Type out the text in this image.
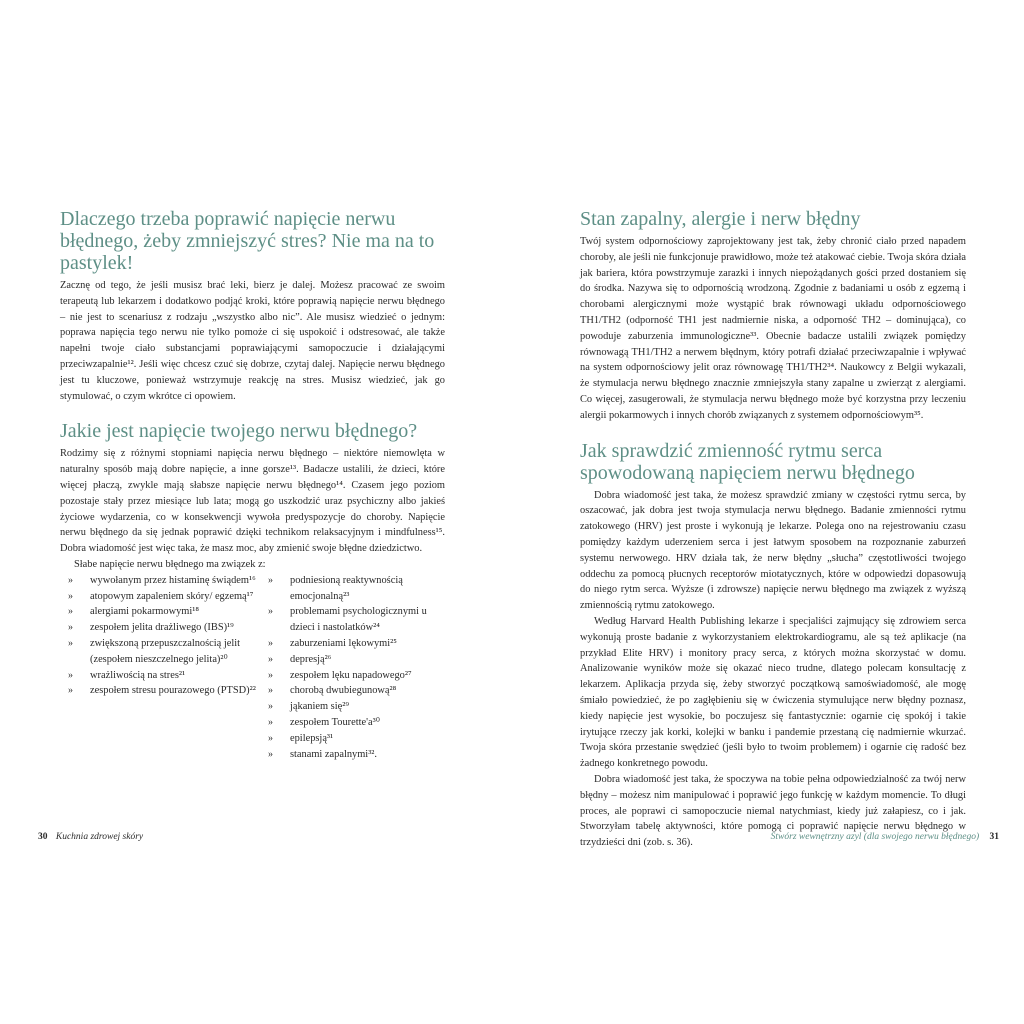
Dlaczego trzeba poprawić napięcie nerwu błędnego, żeby zmniejszyć stres? Nie ma na to pastylek!

Zacznę od tego, że jeśli musisz brać leki, bierz je dalej. Możesz pracować ze swoim terapeutą lub lekarzem i dodatkowo podjąć kroki, które poprawią napięcie nerwu błędnego – nie jest to scenariusz z rodzaju „wszystko albo nic”. Ale musisz wiedzieć o jednym: poprawa napięcia tego nerwu nie tylko pomoże ci się uspokoić i odstresować, ale także napełni twoje ciało substancjami poprawiającymi samopoczucie i działającymi przeciwzapalnie¹². Jeśli więc chcesz czuć się dobrze, czytaj dalej. Napięcie nerwu błędnego jest tu kluczowe, ponieważ wstrzymuje reakcję na stres. Musisz wiedzieć, jak go stymulować, o czym wkrótce ci opowiem.

Jakie jest napięcie twojego nerwu błędnego?

Rodzimy się z różnymi stopniami napięcia nerwu błędnego – niektóre niemowlęta w naturalny sposób mają dobre napięcie, a inne gorsze¹³. Badacze ustalili, że dzieci, które więcej płaczą, zwykle mają słabsze napięcie nerwu błędnego¹⁴. Czasem jego poziom pozostaje stały przez miesiące lub lata; mogą go uszkodzić uraz psychiczny albo jakieś życiowe wydarzenia, co w konsekwencji wywoła predyspozycje do choroby. Napięcie nerwu błędnego da się jednak poprawić dzięki technikom relaksacyjnym i mindfulness¹⁵. Dobra wiadomość jest więc taka, że masz moc, aby zmienić swoje błędne dziedzictwo.

Słabe napięcie nerwu błędnego ma związek z:

» wywołanym przez histaminę świądem¹⁶
» atopowym zapaleniem skóry/ egzemą¹⁷
» alergiami pokarmowymi¹⁸
» zespołem jelita drażliwego (IBS)¹⁹
» zwiększoną przepuszczalnością jelit (zespołem nieszczelnego jelita)²⁰
» wrażliwością na stres²¹
» zespołem stresu pourazowego (PTSD)²²
» podniesioną reaktywnością emocjonalną²³
» problemami psychologicznymi u dzieci i nastolatków²⁴
» zaburzeniami lękowymi²⁵
» depresją²⁶
» zespołem lęku napadowego²⁷
» chorobą dwubiegunową²⁸
» jąkaniem się²⁹
» zespołem Tourette'a³⁰
» epilepsją³¹
» stanami zapalnymi³².
30 Kuchnia zdrowej skóry
Stan zapalny, alergie i nerw błędny

Twój system odpornościowy zaprojektowany jest tak, żeby chronić ciało przed napadem choroby, ale jeśli nie funkcjonuje prawidłowo, może też atakować ciebie. Twoja skóra działa jak bariera, która powstrzymuje zarazki i innych niepożądanych gości przed dostaniem się do środka. Nazywa się to odpornością wrodzoną. Zgodnie z badaniami u osób z egzemą i chorobami alergicznymi może wystąpić brak równowagi układu odpornościowego TH1/TH2 (odporność TH1 jest nadmiernie niska, a odporność TH2 – dominująca), co powoduje zaburzenia immunologiczne³³. Obecnie badacze ustalili związek pomiędzy równowagą TH1/TH2 a nerwem błędnym, który potrafi działać przeciwzapalnie i wpływać na system odpornościowy jelit oraz równowagę TH1/TH2³⁴. Naukowcy z Belgii wykazali, że stymulacja nerwu błędnego znacznie zmniejszyła stany zapalne u zwierząt z alergiami. Co więcej, zasugerowali, że stymulacja nerwu błędnego może być korzystna przy leczeniu alergii pokarmowych i innych chorób związanych z systemem odpornościowym³⁵.

Jak sprawdzić zmienność rytmu serca spowodowaną napięciem nerwu błędnego

Dobra wiadomość jest taka, że możesz sprawdzić zmiany w częstości rytmu serca, by oszacować, jak dobra jest twoja stymulacja nerwu błędnego. Badanie zmienności rytmu zatokowego (HRV) jest proste i wykonują je lekarze. Polega ono na rejestrowaniu czasu pomiędzy każdym uderzeniem serca i jest łatwym sposobem na rozpoznanie zaburzeń systemu nerwowego. HRV działa tak, że nerw błędny „słucha” częstotliwości twojego oddechu za pomocą płucnych receptorów miotatycznych, które w odpowiedzi dopasowują do niego rytm serca. Wyższe (i zdrowsze) napięcie nerwu błędnego ma związek z wyższą zmiennością rytmu zatokowego.

Według Harvard Health Publishing lekarze i specjaliści zajmujący się zdrowiem serca wykonują proste badanie z wykorzystaniem elektrokardiogramu, ale są też aplikacje (na przykład Elite HRV) i monitory pracy serca, z których można skorzystać w domu. Analizowanie wyników może się okazać nieco trudne, dlatego polecam konsultację z lekarzem. Aplikacja przyda się, żeby stworzyć początkową samoświadomość, ale mogę śmiało powiedzieć, że po zagłębieniu się w ćwiczenia stymulujące nerw błędny poznasz, kiedy napięcie jest wysokie, bo poczujesz się fantastycznie: ogarnie cię spokój i takie irytujące rzeczy jak korki, kolejki w banku i pandemie przestaną cię nadmiernie wkurzać. Twoja skóra przestanie swędzieć (jeśli było to twoim problemem) i ogarnie cię radość bez żadnego konkretnego powodu.

Dobra wiadomość jest taka, że spoczywa na tobie pełna odpowiedzialność za twój nerw błędny – możesz nim manipulować i poprawić jego funkcję w każdym momencie. To długi proces, ale poprawi ci samopoczucie niemal natychmiast, kiedy już załapiesz, co i jak. Stworzyłam tabelę aktywności, które pomogą ci poprawić napięcie nerwu błędnego w trzydzieści dni (zob. s. 36).

Stwórz wewnętrzny azyl (dla swojego nerwu błędnego) 31
